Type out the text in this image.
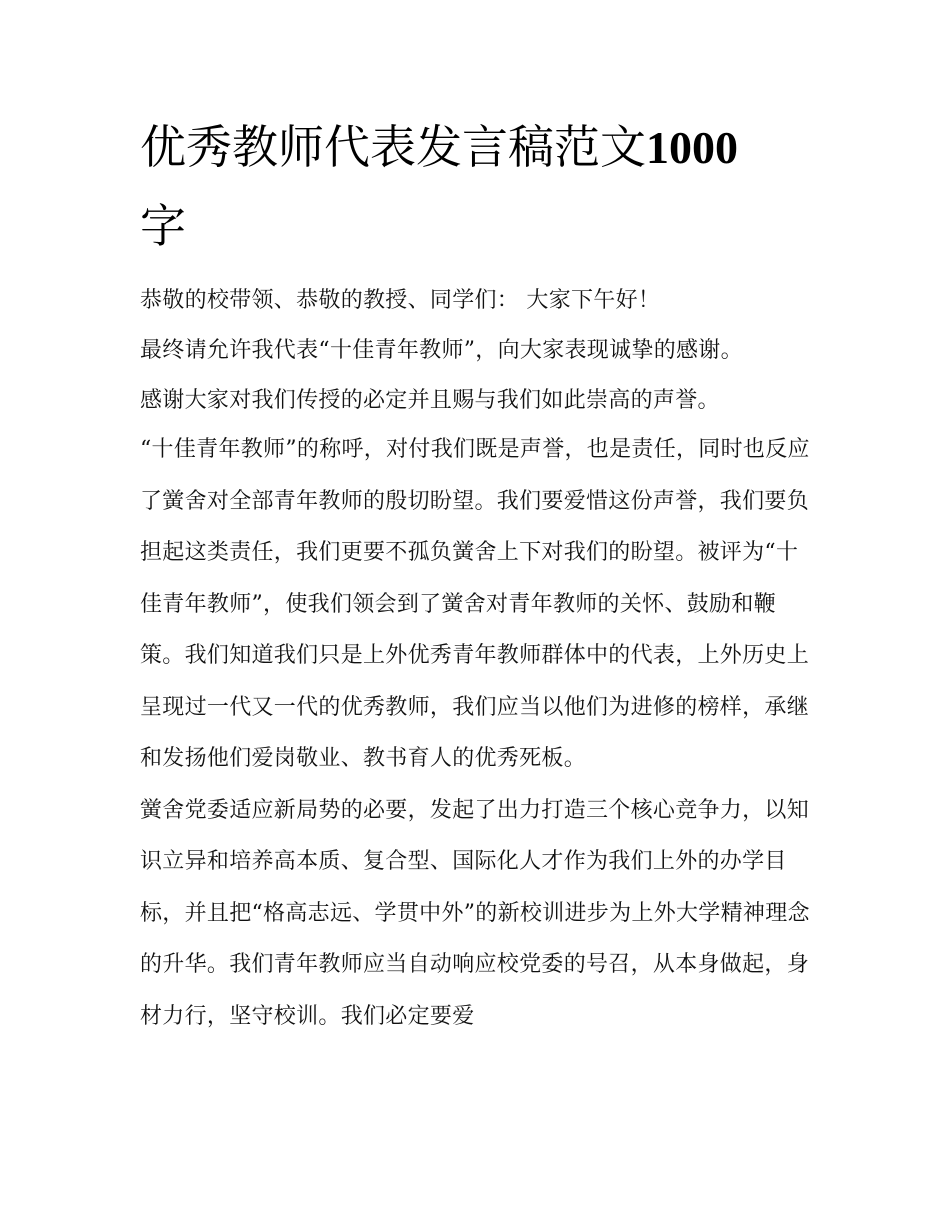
优秀教师代表发言稿范文1000
字

恭敬的校带领、恭敬的教授、同学们： 大家下午好！

最终请允许我代表“十佳青年教师”，向大家表现诚挚的感谢。

感谢大家对我们传授的必定并且赐与我们如此崇高的声誉。

“十佳青年教师”的称呼，对付我们既是声誉，也是责任，同时也反应了黉舍对全部青年教师的殷切盼望。我们要爱惜这份声誉，我们要负担起这类责任，我们更要不孤负黉舍上下对我们的盼望。被评为“十佳青年教师”，使我们领会到了黉舍对青年教师的关怀、鼓励和鞭策。我们知道我们只是上外优秀青年教师群体中的代表，上外历史上呈现过一代又一代的优秀教师，我们应当以他们为进修的榜样，承继和发扬他们爱岗敬业、教书育人的优秀死板。

黉舍党委适应新局势的必要，发起了出力打造三个核心竞争力，以知识立异和培养高本质、复合型、国际化人才作为我们上外的办学目标，并且把“格高志远、学贯中外”的新校训进步为上外大学精神理念的升华。我们青年教师应当自动响应校党委的号召，从本身做起，身材力行，坚守校训。我们必定要爱
